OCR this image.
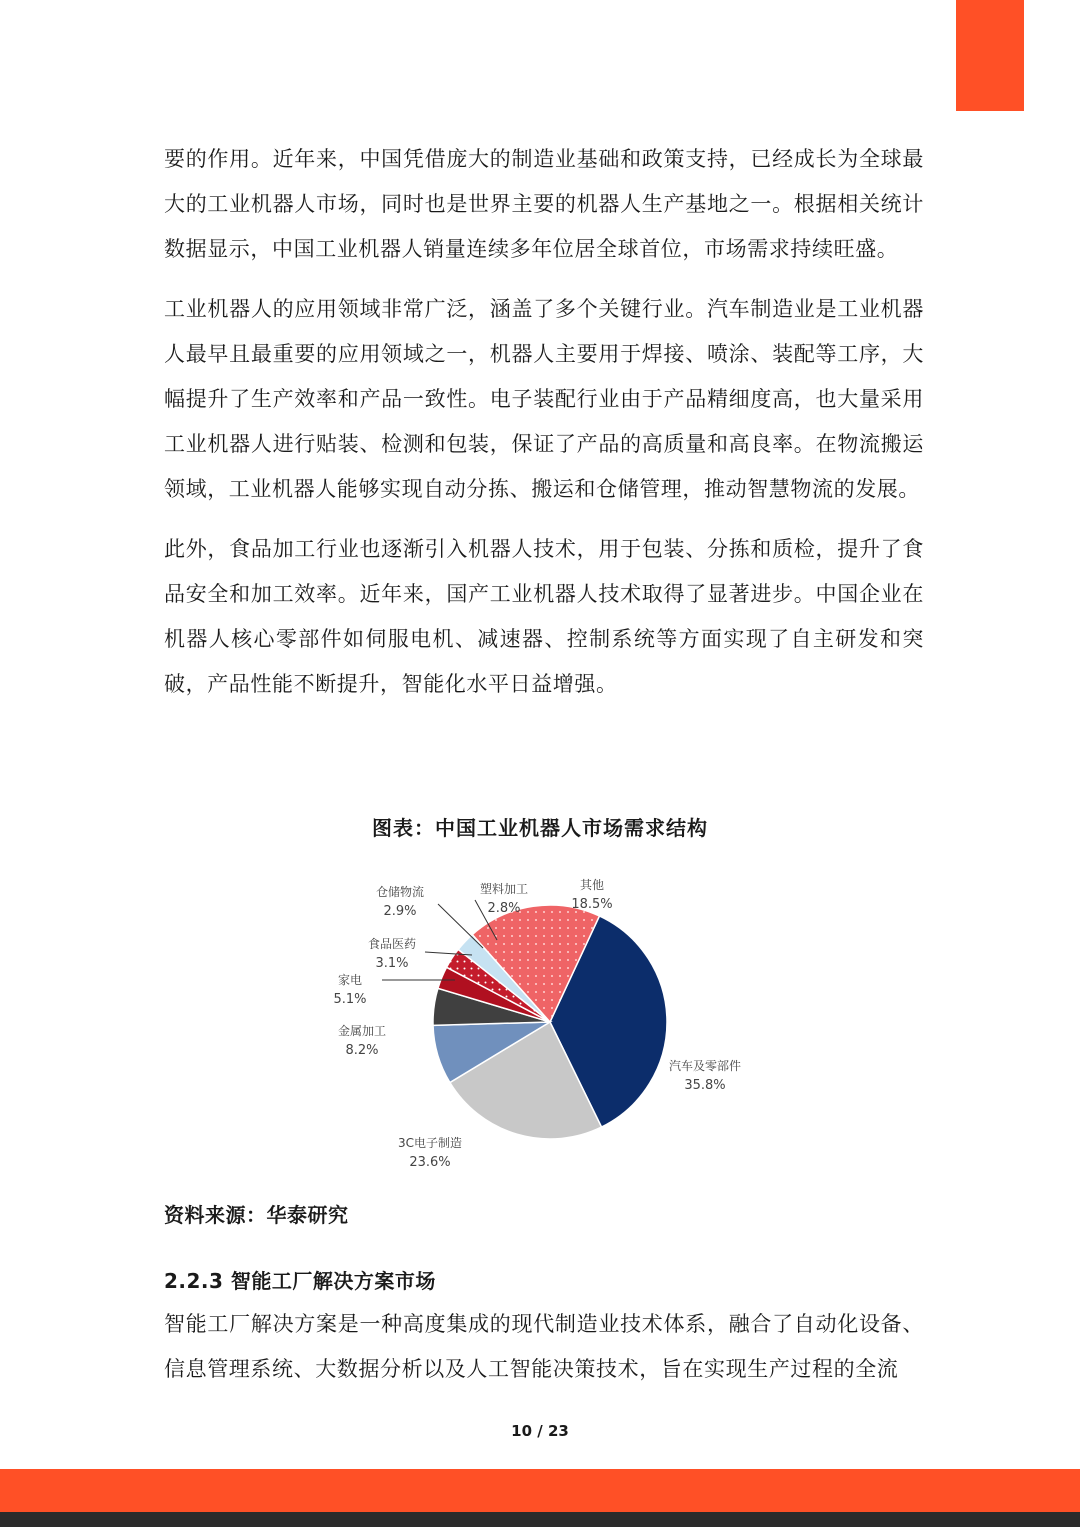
要的作用。近年来，中国凭借庞大的制造业基础和政策支持，已经成长为全球最大的工业机器人市场，同时也是世界主要的机器人生产基地之一。根据相关统计数据显示，中国工业机器人销量连续多年位居全球首位，市场需求持续旺盛。

工业机器人的应用领域非常广泛，涵盖了多个关键行业。汽车制造业是工业机器人最早且最重要的应用领域之一，机器人主要用于焊接、喷涂、装配等工序，大幅提升了生产效率和产品一致性。电子装配行业由于产品精细度高，也大量采用工业机器人进行贴装、检测和包装，保证了产品的高质量和高良率。在物流搬运领域，工业机器人能够实现自动分拣、搬运和仓储管理，推动智慧物流的发展。

此外，食品加工行业也逐渐引入机器人技术，用于包装、分拣和质检，提升了食品安全和加工效率。近年来，国产工业机器人技术取得了显著进步。中国企业在机器人核心零部件如伺服电机、减速器、控制系统等方面实现了自主研发和突破，产品性能不断提升，智能化水平日益增强。

图表：中国工业机器人市场需求结构
汽车及零部件
35.8%
3C电子制造
23.6%
金属加工
8.2%
家电
5.1%
食品医药
3.1%
仓储物流
2.9%
塑料加工
2.8%
其他
18.5%
资料来源：华泰研究
2.2.3 智能工厂解决方案市场

智能工厂解决方案是一种高度集成的现代制造业技术体系，融合了自动化设备、信息管理系统、大数据分析以及人工智能决策技术，旨在实现生产过程的全流

10 / 23
